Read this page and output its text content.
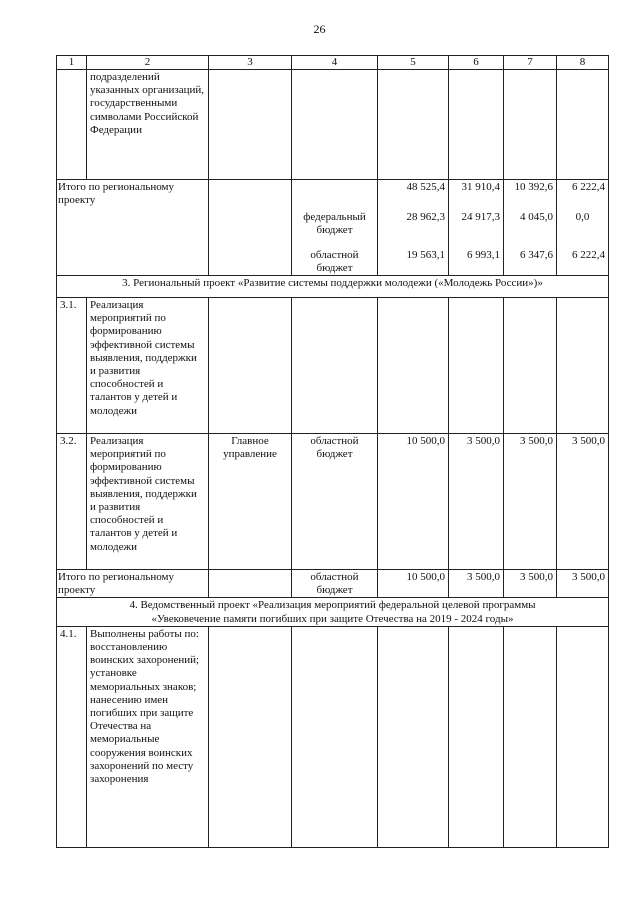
26
1	2	3	4	5	6	7	8
	подразделений указанных организаций, государственными символами Российской Федерации						
Итого по региональному проекту				48 525,4	31 910,4	10 392,6	6 222,4
			федеральный бюджет	28 962,3	24 917,3	4 045,0	0,0
			областной бюджет	19 563,1	6 993,1	6 347,6	6 222,4
3. Региональный проект «Развитие системы поддержки молодежи («Молодежь России»)»							
3.1.	Реализация мероприятий по формированию эффективной системы выявления, поддержки и развития способностей и талантов у детей и молодежи						
3.2.	Реализация мероприятий по формированию эффективной системы выявления, поддержки и развития способностей и талантов у детей и молодежи	Главное управление	областной бюджет	10 500,0	3 500,0	3 500,0	3 500,0
Итого по региональному проекту			областной бюджет	10 500,0	3 500,0	3 500,0	3 500,0

4. Ведомственный проект «Реализация мероприятий федеральной целевой программы
«Увековечение памяти погибших при защите Отечества на 2019 - 2024 годы»							

4.1.	Выполнены работы по: восстановлению воинских захоронений; установке мемориальных знаков; нанесению имен погибших при защите Отечества на мемориальные сооружения воинских захоронений по месту захоронения						
